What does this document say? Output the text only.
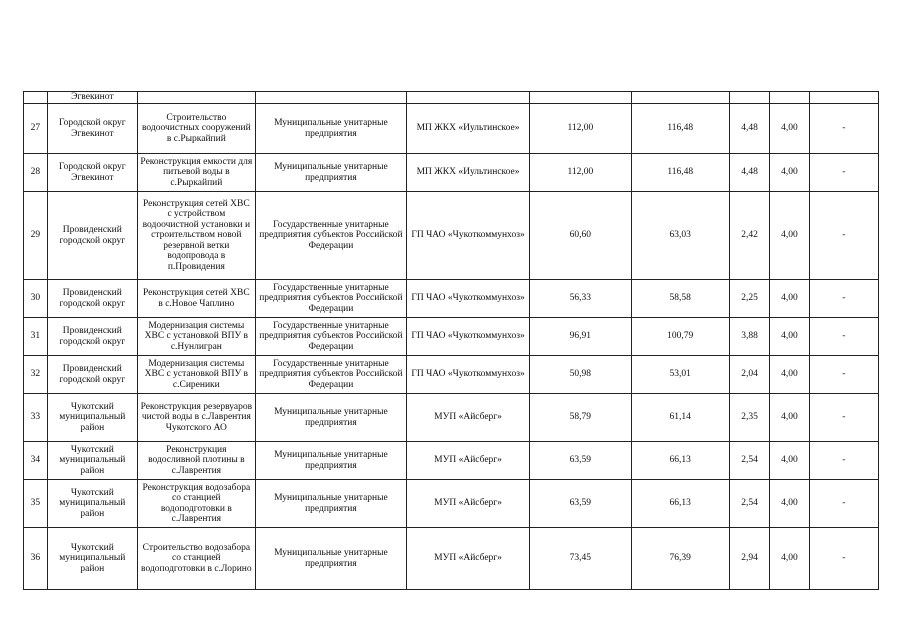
	Эгвекинот								
27	Городской округ Эгвекинот	Строительство водоочистных сооружений в с.Рыркайпий	Муниципальные унитарные предприятия	МП ЖКХ «Иультинское»	112,00	116,48	4,48	4,00	-
28	Городской округ Эгвекинот	Реконструкция емкости для питьевой воды в с.Рыркайпий	Муниципальные унитарные предприятия	МП ЖКХ «Иультинское»	112,00	116,48	4,48	4,00	-
29	Провиденский городской округ	Реконструкция сетей ХВС с устройством водоочистной установки и строительством новой резервной ветки водопровода в п.Провидения	Государственные унитарные предприятия субъектов Российской Федерации	ГП ЧАО «Чукоткоммунхоз»	60,60	63,03	2,42	4,00	-
30	Провиденский городской округ	Реконструкция сетей ХВС в с.Новое Чаплино	Государственные унитарные предприятия субъектов Российской Федерации	ГП ЧАО «Чукоткоммунхоз»	56,33	58,58	2,25	4,00	-
31	Провиденский городской округ	Модернизация системы ХВС с установкой ВПУ в с.Нунлигран	Государственные унитарные предприятия субъектов Российской Федерации	ГП ЧАО «Чукоткоммунхоз»	96,91	100,79	3,88	4,00	-
32	Провиденский городской округ	Модернизация системы ХВС с установкой ВПУ в с.Сиреники	Государственные унитарные предприятия субъектов Российской Федерации	ГП ЧАО «Чукоткоммунхоз»	50,98	53,01	2,04	4,00	-
33	Чукотский муниципальный район	Реконструкция резервуаров чистой воды в с.Лаврентия Чукотского АО	Муниципальные унитарные предприятия	МУП «Айсберг»	58,79	61,14	2,35	4,00	-
34	Чукотский муниципальный район	Реконструкция водосливной плотины в с.Лаврентия	Муниципальные унитарные предприятия	МУП «Айсберг»	63,59	66,13	2,54	4,00	-
35	Чукотский муниципальный район	Реконструкция водозабора со станцией водоподготовки в с.Лаврентия	Муниципальные унитарные предприятия	МУП «Айсберг»	63,59	66,13	2,54	4,00	-
36	Чукотский муниципальный район	Строительство водозабора со станцией водоподготовки в с.Лорино	Муниципальные унитарные предприятия	МУП «Айсберг»	73,45	76,39	2,94	4,00	-
